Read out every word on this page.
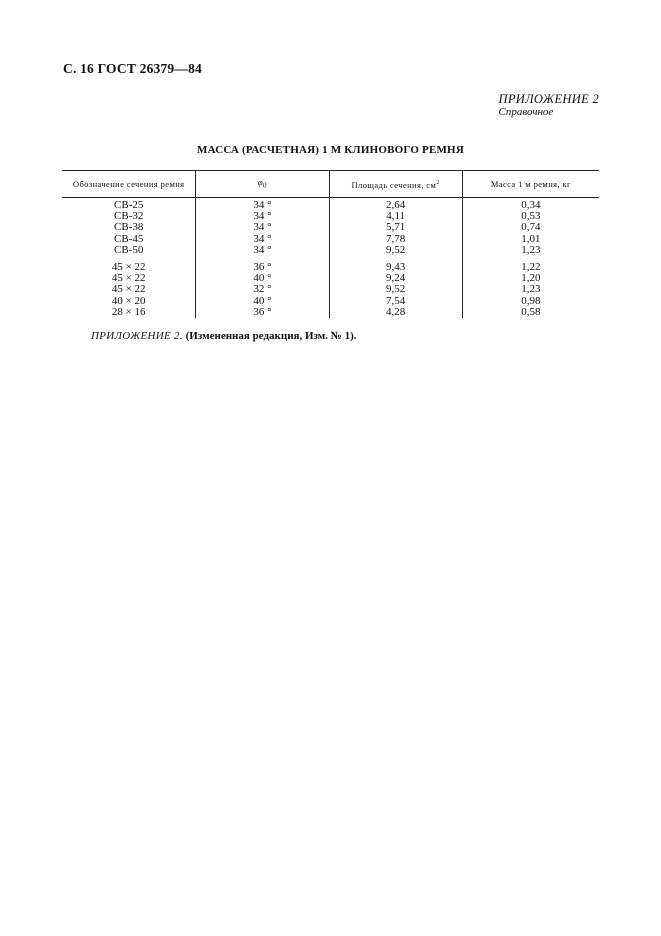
С. 16 ГОСТ 26379—84
ПРИЛОЖЕНИЕ 2
Справочное
МАССА (РАСЧЕТНАЯ) 1 М КЛИНОВОГО РЕМНЯ
Обозначение сечения ремня	$\varphi_0$	Площадь сечения, $см^2$	Масса 1 м ремня, кг
СВ-25	34 °	2,64	0,34
СВ-32	34 °	4,11	0,53
СВ-38	34 °	5,71	0,74
СВ-45	34 °	7,78	1,01
СВ-50	34 °	9,52	1,23
45 × 22	36 °	9,43	1,22
45 × 22	40 °	9,24	1,20
45 × 22	32 °	9,52	1,23
40 × 20	40 °	7,54	0,98
28 × 16	36 °	4,28	0,58
ПРИЛОЖЕНИЕ 2. (Измененная редакция, Изм. № 1).
